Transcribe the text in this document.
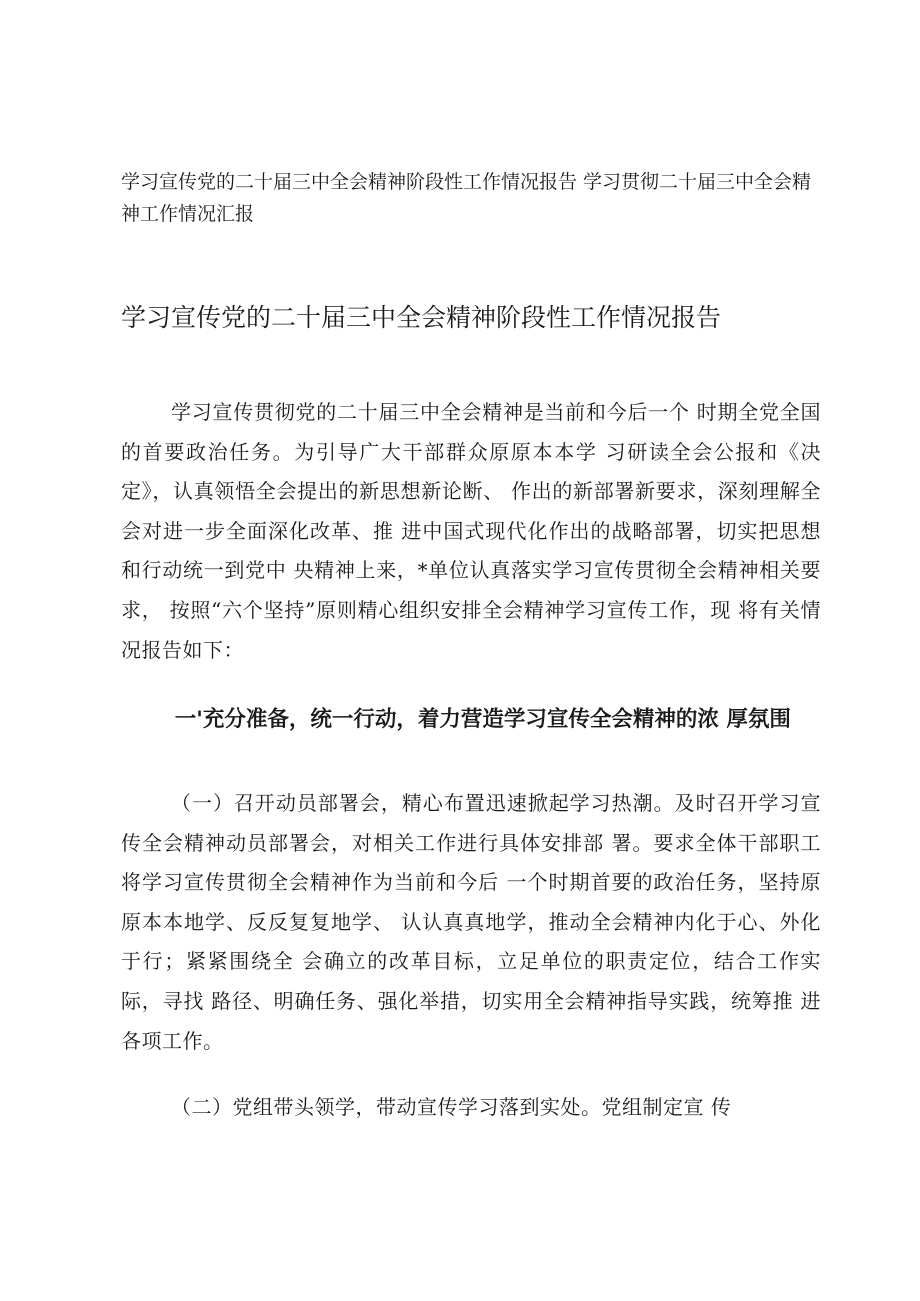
学习宣传党的二十届三中全会精神阶段性工作情况报告 学习贯彻二十届三中全会精神工作情况汇报

学习宣传党的二十届三中全会精神阶段性工作情况报告

学习宣传贯彻党的二十届三中全会精神是当前和今后一个 时期全党全国的首要政治任务。为引导广大干部群众原原本本学 习研读全会公报和《决定》，认真领悟全会提出的新思想新论断、 作出的新部署新要求，深刻理解全会对进一步全面深化改革、推 进中国式现代化作出的战略部署，切实把思想和行动统一到党中 央精神上来，*单位认真落实学习宣传贯彻全会精神相关要求， 按照“六个坚持”原则精心组织安排全会精神学习宣传工作，现 将有关情况报告如下：

一'充分准备，统一行动，着力营造学习宣传全会精神的浓 厚氛围

（一）召开动员部署会，精心布置迅速掀起学习热潮。及时召开学习宣传全会精神动员部署会，对相关工作进行具体安排部 署。要求全体干部职工将学习宣传贯彻全会精神作为当前和今后 一个时期首要的政治任务，坚持原原本本地学、反反复复地学、 认认真真地学，推动全会精神内化于心、外化于行；紧紧围绕全 会确立的改革目标，立足单位的职责定位，结合工作实际，寻找 路径、明确任务、强化举措，切实用全会精神指导实践，统筹推 进各项工作。

（二）党组带头领学，带动宣传学习落到实处。党组制定宣 传
